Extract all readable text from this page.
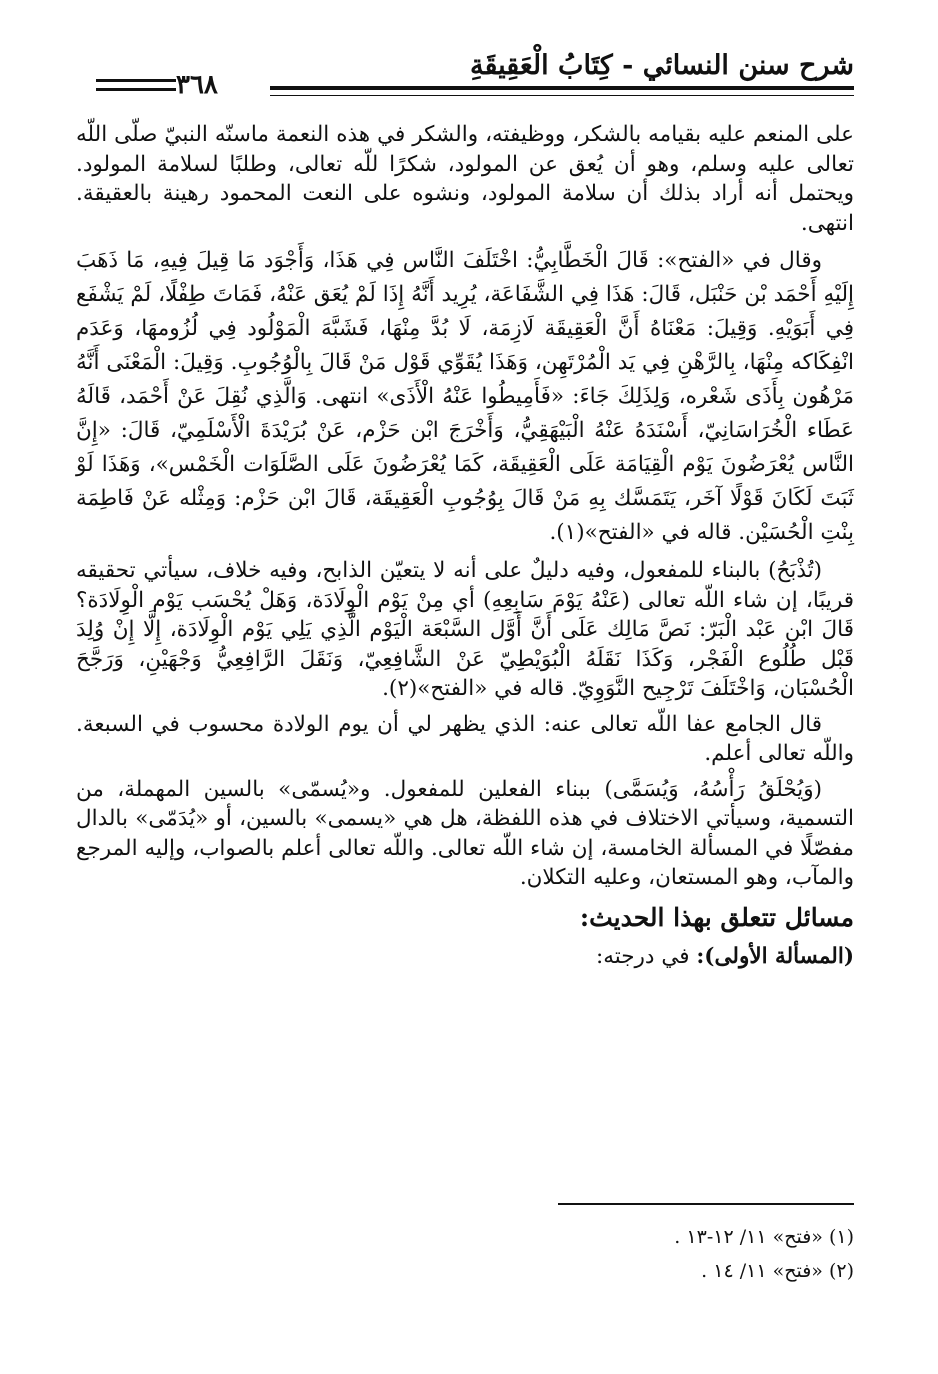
شرح سنن النسائي - كِتَابُ الْعَقِيقَةِ
٣٦٨

على المنعم عليه بقيامه بالشكر، ووظيفته، والشكر في هذه النعمة ماسنّه النبيّ صلّى اللّه تعالى عليه وسلم، وهو أن يُعق عن المولود، شكرًا للّه تعالى، وطلبًا لسلامة المولود. ويحتمل أنه أراد بذلك أن سلامة المولود، ونشوه على النعت المحمود رهينة بالعقيقة. انتهى.

وقال في «الفتح»: قَالَ الْخَطَّابِيُّ: اخْتَلَفَ النَّاس فِي هَذَا، وَأَجْوَد مَا قِيلَ فِيهِ، مَا ذَهَبَ إِلَيْهِ أَحْمَد بْن حَنْبَل، قَالَ: هَذَا فِي الشَّفَاعَة، يُرِيد أَنَّهُ إِذَا لَمْ يُعَق عَنْهُ، فَمَاتَ طِفْلًا، لَمْ يَشْفَع فِي أَبَوَيْهِ. وَقِيلَ: مَعْنَاهُ أَنَّ الْعَقِيقَة لَازِمَة، لَا بُدَّ مِنْهَا، فَشَبَّهَ الْمَوْلُود فِي لُزُومهَا، وَعَدَم انْفِكَاكه مِنْهَا، بِالرَّهْنِ فِي يَد الْمُرْتَهِن، وَهَذَا يُقَوِّي قَوْل مَنْ قَالَ بِالْوُجُوبِ. وَقِيلَ: الْمَعْنَى أَنَّهُ مَرْهُون بِأَذَى شَعْره، وَلِذَلِكَ جَاءَ: «فَأَمِيطُوا عَنْهُ الْأَذَى» انتهى. وَالَّذِي نُقِلَ عَنْ أَحْمَد، قَالَهُ عَطَاء الْخُرَاسَانِيّ، أَسْنَدَهُ عَنْهُ الْبَيْهَقِيُّ، وَأَخْرَجَ ابْن حَزْم، عَنْ بُرَيْدَةَ الْأَسْلَمِيّ، قَالَ: «إِنَّ النَّاس يُعْرَضُونَ يَوْم الْقِيَامَة عَلَى الْعَقِيقَة، كَمَا يُعْرَضُونَ عَلَى الصَّلَوَات الْخَمْس»، وَهَذَا لَوْ ثَبَتَ لَكَانَ قَوْلًا آخَر، يَتَمَسَّك بِهِ مَنْ قَالَ بِوُجُوبِ الْعَقِيقَة، قَالَ ابْن حَزْم: وَمِثْله عَنْ فَاطِمَة بِنْتِ الْحُسَيْن. قاله في «الفتح»(١).

(تُذْبَحُ) بالبناء للمفعول، وفيه دليلٌ على أنه لا يتعيّن الذابح، وفيه خلاف، سيأتي تحقيقه قريبًا، إن شاء اللّه تعالى (عَنْهُ يَوْمَ سَابِعِهِ) أي مِنْ يَوْم الْوِلَادَة، وَهَلْ يُحْسَب يَوْم الْوِلَادَة؟ قَالَ ابْن عَبْد الْبَرّ: نَصَّ مَالِك عَلَى أَنَّ أَوَّل السَّبْعَة الْيَوْم الَّذِي يَلِي يَوْم الْوِلَادَة، إِلَّا إِنْ وُلِدَ قَبْل طُلُوع الْفَجْر، وَكَذَا نَقَلَهُ الْبُوَيْطِيّ عَنْ الشَّافِعِيّ، وَنَقَلَ الرَّافِعِيُّ وَجْهَيْنِ، وَرَجَّحَ الْحُسْبَان، وَاخْتَلَفَ تَرْجِيح النَّوَوِيّ. قاله في «الفتح»(٢).

قال الجامع عفا اللّه تعالى عنه: الذي يظهر لي أن يوم الولادة محسوب في السبعة. واللّه تعالى أعلم.

(وَيُحْلَقُ رَأْسُهُ، وَيُسَمَّى) ببناء الفعلين للمفعول. و«يُسمّى» بالسين المهملة، من التسمية، وسيأتي الاختلاف في هذه اللفظة، هل هي «يسمى» بالسين، أو «يُدَمّى» بالدال مفصّلًا في المسألة الخامسة، إن شاء اللّه تعالى. واللّه تعالى أعلم بالصواب، وإليه المرجع والمآب، وهو المستعان، وعليه التكلان.

مسائل تتعلق بهذا الحديث:

(المسألة الأولى): في درجته:

(١) «فتح» ١١/ ١٢-١٣ .
(٢) «فتح» ١١/ ١٤ .
